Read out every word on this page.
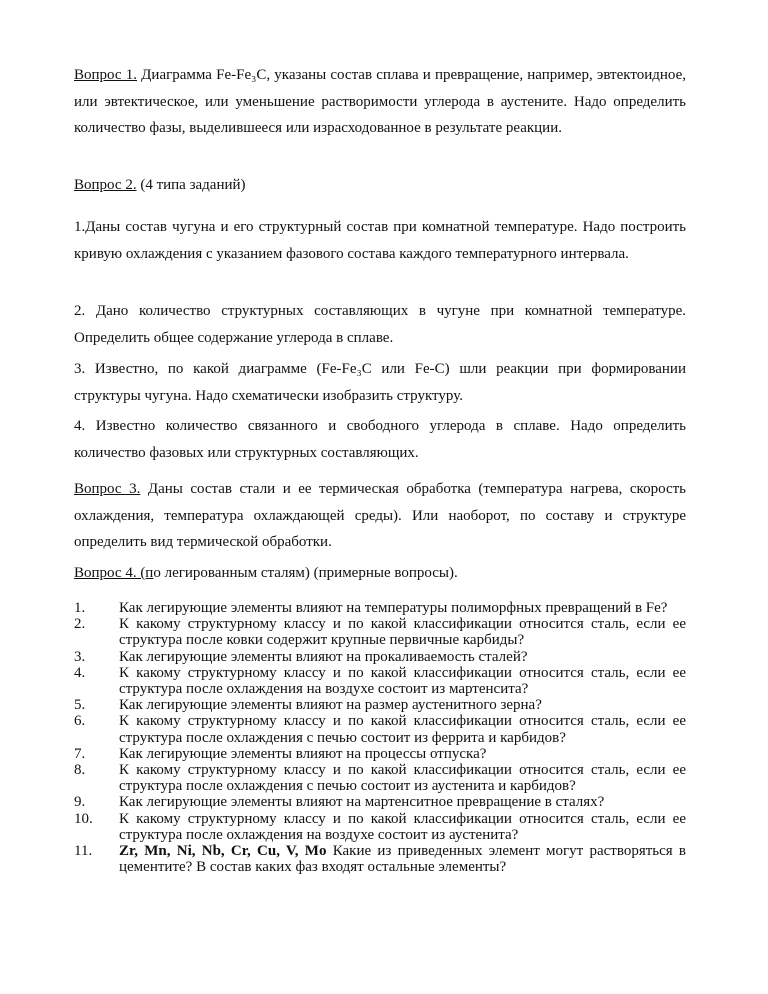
Вопрос 1. Диаграмма Fe-Fe₃C, указаны состав сплава и превращение, например, эвтектоидное, или эвтектическое, или уменьшение растворимости углерода в аустените. Надо определить количество фазы, выделившееся или израсходованное в результате реакции.

Вопрос 2. (4 типа заданий)

1.Даны состав чугуна и его структурный состав при комнатной температуре. Надо построить кривую охлаждения с указанием фазового состава каждого температурного интервала.

2. Дано количество структурных составляющих в чугуне при комнатной температуре. Определить общее содержание углерода в сплаве.

3. Известно, по какой диаграмме (Fe-Fe₃C или Fe-C) шли реакции при формировании структуры чугуна. Надо схематически изобразить структуру.

4. Известно количество связанного и свободного углерода в сплаве. Надо определить количество фазовых или структурных составляющих.

Вопрос 3. Даны состав стали и ее термическая обработка (температура нагрева, скорость охлаждения, температура охлаждающей среды). Или наоборот, по составу и структуре определить вид термической обработки.

Вопрос 4. (по легированным сталям) (примерные вопросы).

1.	Как легирующие элементы влияют на температуры полиморфных превращений в Fe?
2.	К какому структурному классу и по какой классификации относится сталь, если ее структура после ковки содержит крупные первичные карбиды?
3.	Как легирующие элементы влияют на прокаливаемость сталей?
4.	К какому структурному классу и по какой классификации относится сталь, если ее структура после охлаждения на воздухе состоит из мартенсита?
5.	Как легирующие элементы влияют на размер аустенитного зерна?
6.	К какому структурному классу и по какой классификации относится сталь, если ее структура после охлаждения с печью состоит из феррита и карбидов?
7.	Как легирующие элементы влияют на процессы отпуска?
8.	К какому структурному классу и по какой классификации относится сталь, если ее структура после охлаждения с печью состоит из аустенита и карбидов?
9.	Как легирующие элементы влияют на мартенситное превращение в сталях?
10.	К какому структурному классу и по какой классификации относится сталь, если ее структура после охлаждения на воздухе состоит из аустенита?
11.	Zr, Mn, Ni, Nb, Cr, Cu, V, Mo Какие из приведенных элемент могут растворяться в цементите? В состав каких фаз входят остальные элементы?
